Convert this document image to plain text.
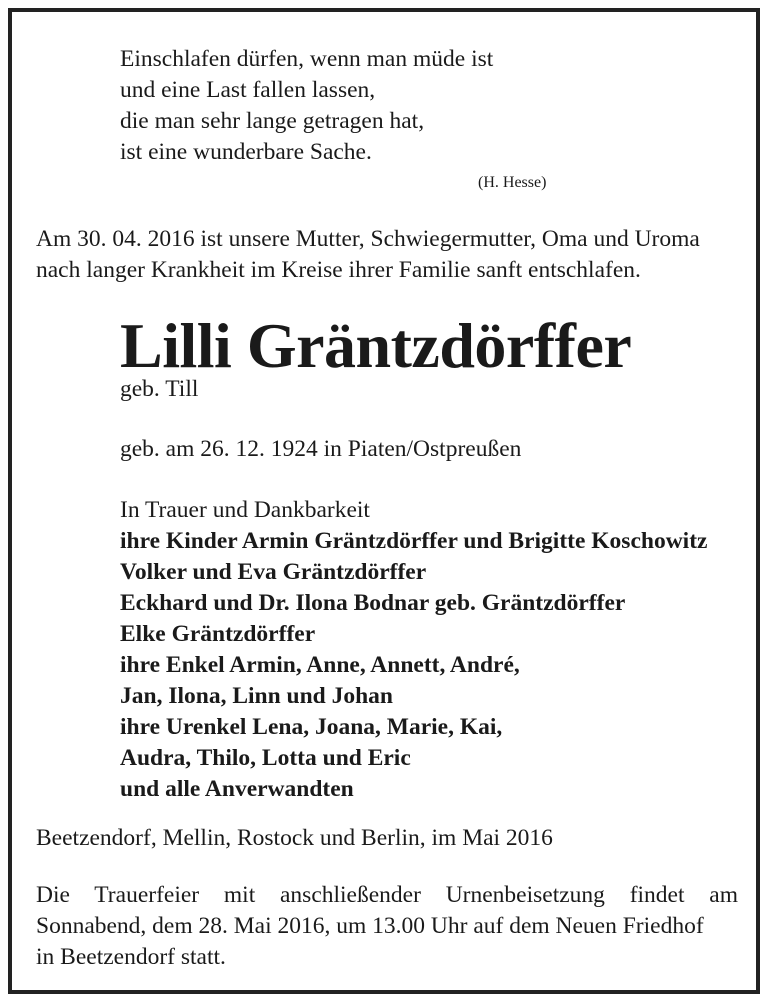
Einschlafen dürfen, wenn man müde ist
und eine Last fallen lassen,
die man sehr lange getragen hat,
ist eine wunderbare Sache.
(H. Hesse)
Am 30. 04. 2016 ist unsere Mutter, Schwiegermutter, Oma und Uroma
nach langer Krankheit im Kreise ihrer Familie sanft entschlafen.
Lilli Gräntzdörffer
geb. Till
geb. am 26. 12. 1924 in Piaten/Ostpreußen
In Trauer und Dankbarkeit
ihre Kinder Armin Gräntzdörffer und Brigitte Koschowitz
Volker und Eva Gräntzdörffer
Eckhard und Dr. Ilona Bodnar geb. Gräntzdörffer
Elke Gräntzdörffer
ihre Enkel Armin, Anne, Annett, André,
Jan, Ilona, Linn und Johan
ihre Urenkel Lena, Joana, Marie, Kai,
Audra, Thilo, Lotta und Eric
und alle Anverwandten
Beetzendorf, Mellin, Rostock und Berlin, im Mai 2016
Die Trauerfeier mit anschließender Urnenbeisetzung findet am
Sonnabend, dem 28. Mai 2016, um 13.00 Uhr auf dem Neuen Friedhof
in Beetzendorf statt.
